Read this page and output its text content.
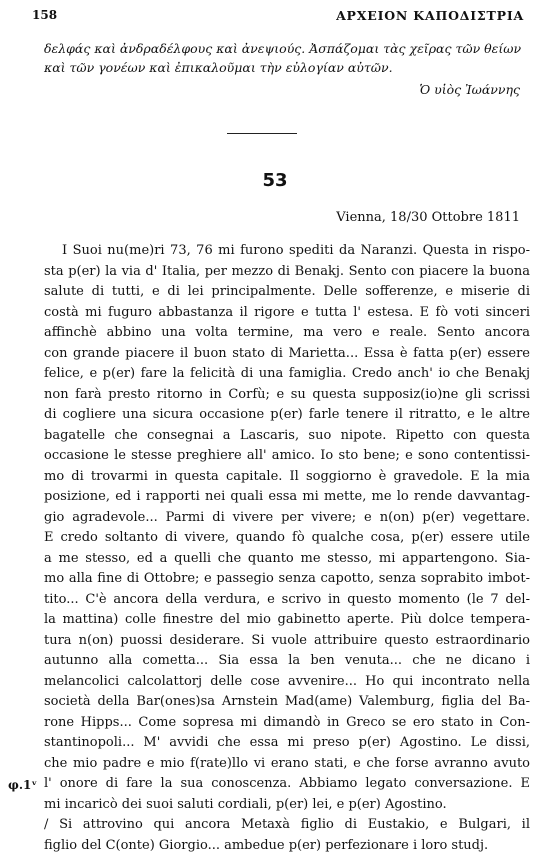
158	ΑΡΧΕΙΟΝ ΚΑΠΟΔΙΣΤΡΙΑ
δελφάς καὶ ἀνδραδέλφους καὶ ἀνεψιούς. Ἀσπάζομαι τὰς χεῖρας τῶν θείων
καὶ τῶν γονέων καὶ ἐπικαλοῦμαι τὴν εὐλογίαν αὐτῶν.
Ὁ υἱὸς Ἰωάννης
53
Vienna, 18/30 Ottobre 1811
I Suoi nu(me)ri 73, 76 mi furono spediti da Naranzi. Questa in rispo-
sta p(er) la via d' Italia, per mezzo di Benakj. Sento con piacere la buona
salute di tutti, e di lei principalmente. Delle sofferenze, e miserie di
costà mi fuguro abbastanza il rigore e tutta l' estesa. E fò voti sinceri
affinchè abbino una volta termine, ma vero e reale. Sento ancora
con grande piacere il buon stato di Marietta... Essa è fatta p(er) essere
felice, e p(er) fare la felicità di una famiglia. Credo anch' io che Benakj
non farà presto ritorno in Corfù; e su questa supposiz(io)ne gli scrissi
di cogliere una sicura occasione p(er) farle tenere il ritratto, e le altre
bagatelle che consegnai a Lascaris, suo nipote. Ripetto con questa
occasione le stesse preghiere all' amico. Io sto bene; e sono contentissi-
mo di trovarmi in questa capitale. Il soggiorno è gravedole. E la mia
posizione, ed i rapporti nei quali essa mi mette, me lo rende davvantag-
gio agradevole... Parmi di vivere per vivere; e n(on) p(er) vegettare.
E credo soltanto di vivere, quando fò qualche cosa, p(er) essere utile
a me stesso, ed a quelli che quanto me stesso, mi appartengono. Sia-
mo alla fine di Ottobre; e passegio senza capotto, senza soprabito imbot-
tito... C'è ancora della verdura, e scrivo in questo momento (le 7 del-
la mattina) colle finestre del mio gabinetto aperte. Più dolce tempera-
tura n(on) puossi desiderare. Si vuole attribuire questo estraordinario
autunno alla cometta... Sia essa la ben venuta... che ne dicano i
melancolici calcolattorj delle cose avvenire... Ho qui incontrato nella
società della Bar(ones)sa Arnstein Mad(ame) Valemburg, figlia del Ba-
rone Hipps... Come sopresa mi dimandò in Greco se ero stato in Con-
stantinopoli... M' avvidi che essa mi preso p(er) Agostino. Le dissi,
che mio padre e mio f(rate)llo vi erano stati, e che forse avranno avuto
l' onore di fare la sua conoscenza. Abbiamo legato conversazione. E
mi incaricò dei suoi saluti cordiali, p(er) lei, e p(er) Agostino.
/ Si attrovino qui ancora Metaxà figlio di Eustakio, e Bulgari, il
figlio del C(onte) Giorgio... ambedue p(er) perfezionare i loro studj.
φ.1ᵛ
